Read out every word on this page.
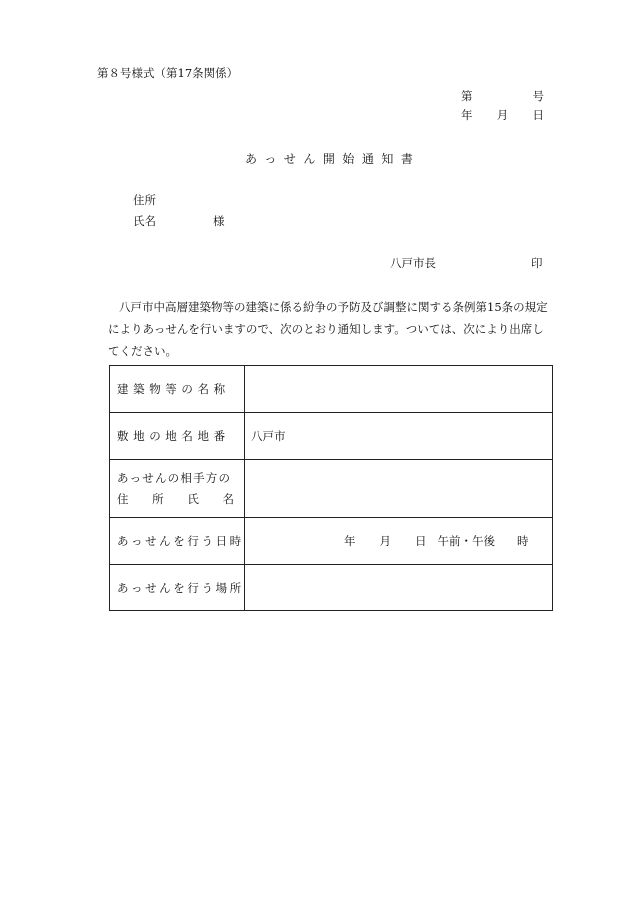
第８号様式（第17条関係）
第	号
年 月 日
あっせん開始通知書
住所
氏名	様
八戸市長	印
八戸市中高層建築物等の建築に係る紛争の予防及び調整に関する条例第15条の規定によりあっせんを行いますので、次のとおり通知します。ついては、次により出席してください。
建築物等の名称	
敷地の地名地番	八戸市

あっせんの相手方の
住 所 氏 名	

あっせんを行う日時	年 月 日 午前・午後 時

あっせんを行う場所	
